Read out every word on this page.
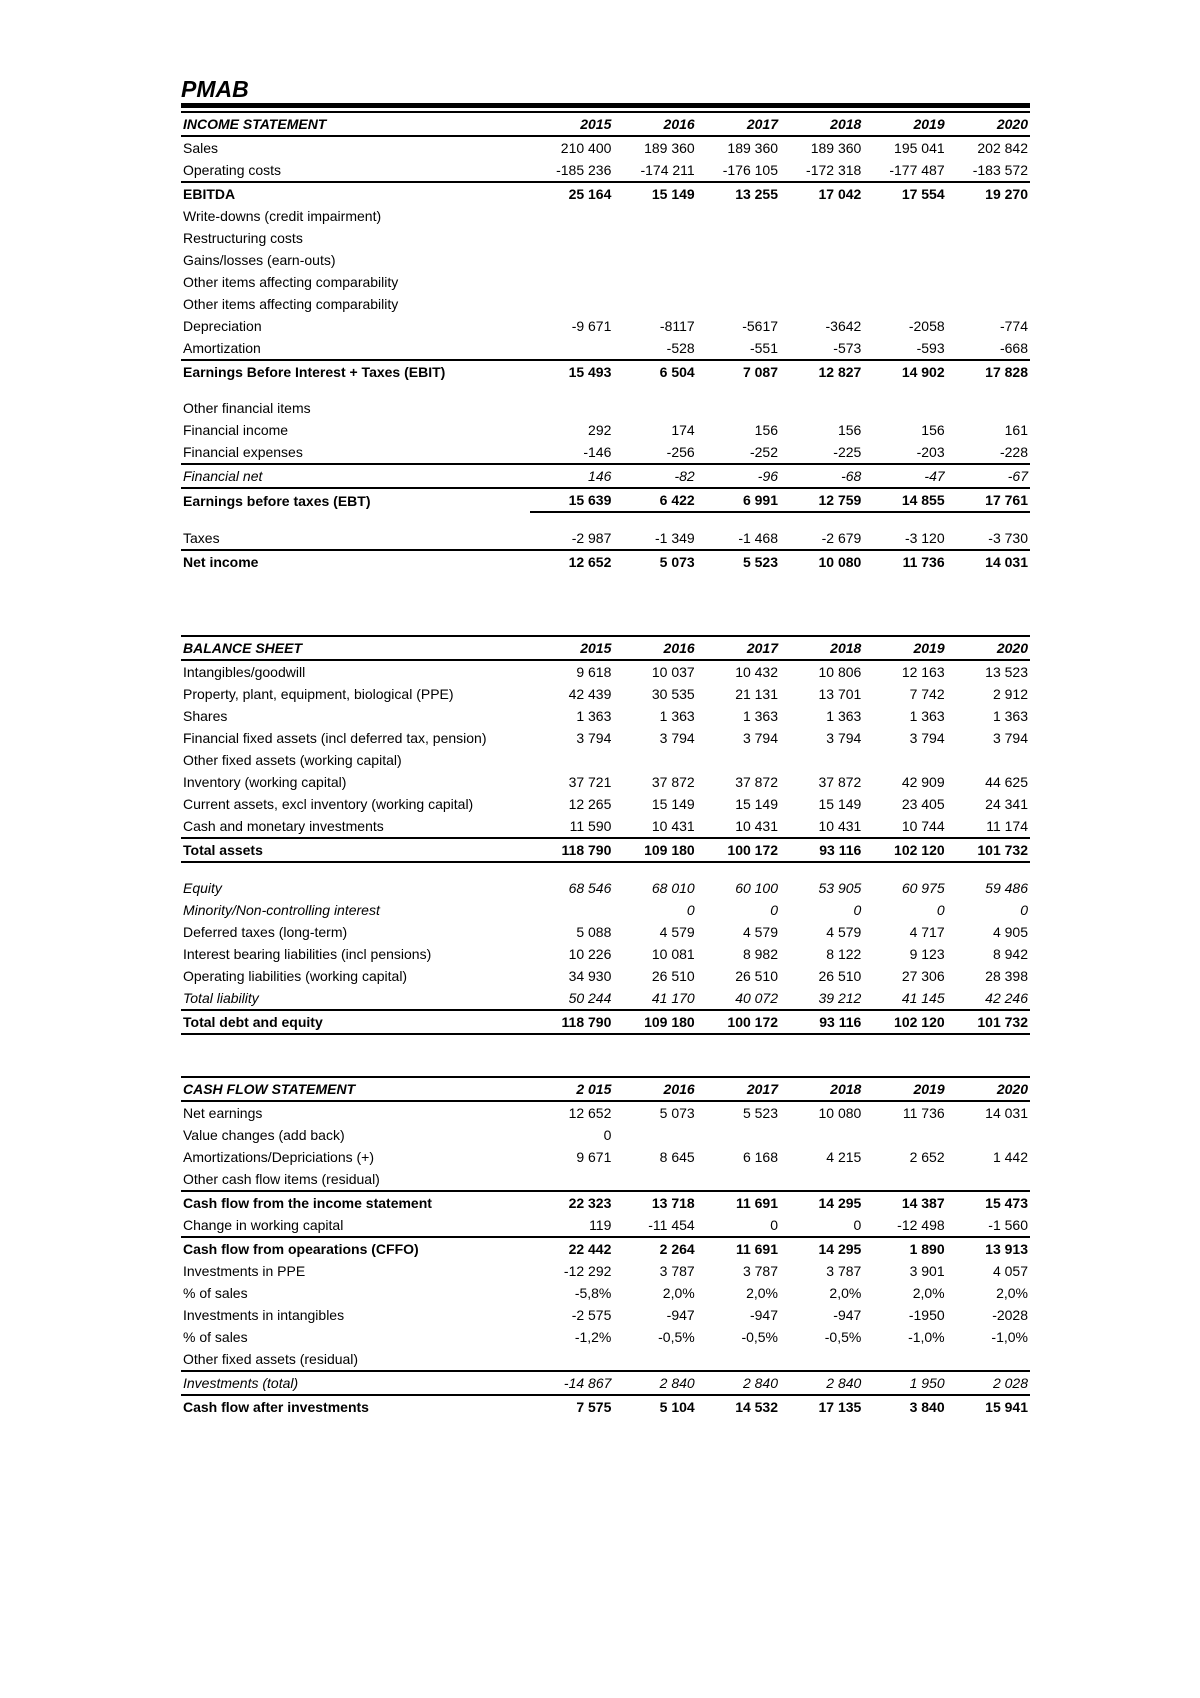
PMAB
INCOME STATEMENT	2015	2016	2017	2018	2019	2020
Sales	210 400	189 360	189 360	189 360	195 041	202 842
Operating costs	-185 236	-174 211	-176 105	-172 318	-177 487	-183 572
EBITDA	25 164	15 149	13 255	17 042	17 554	19 270
Write-downs (credit impairment)						
Restructuring costs						
Gains/losses (earn-outs)						
Other items affecting comparability						
Other items affecting comparability						
Depreciation	-9 671	-8117	-5617	-3642	-2058	-774
Amortization		-528	-551	-573	-593	-668
Earnings Before Interest + Taxes (EBIT)	15 493	6 504	7 087	12 827	14 902	17 828

Other financial items						
Financial income	292	174	156	156	156	161
Financial expenses	-146	-256	-252	-225	-203	-228
Financial net	146	-82	-96	-68	-47	-67
Earnings before taxes (EBT)	15 639	6 422	6 991	12 759	14 855	17 761

Taxes	-2 987	-1 349	-1 468	-2 679	-3 120	-3 730
Net income	12 652	5 073	5 523	10 080	11 736	14 031
BALANCE SHEET	2015	2016	2017	2018	2019	2020
Intangibles/goodwill	9 618	10 037	10 432	10 806	12 163	13 523
Property, plant, equipment, biological (PPE)	42 439	30 535	21 131	13 701	7 742	2 912
Shares	1 363	1 363	1 363	1 363	1 363	1 363
Financial fixed assets (incl deferred tax, pension)	3 794	3 794	3 794	3 794	3 794	3 794
Other fixed assets (working capital)						
Inventory (working capital)	37 721	37 872	37 872	37 872	42 909	44 625
Current assets, excl inventory (working capital)	12 265	15 149	15 149	15 149	23 405	24 341
Cash and monetary investments	11 590	10 431	10 431	10 431	10 744	11 174
Total assets	118 790	109 180	100 172	93 116	102 120	101 732

Equity	68 546	68 010	60 100	53 905	60 975	59 486
Minority/Non-controlling interest		0	0	0	0	0
Deferred taxes (long-term)	5 088	4 579	4 579	4 579	4 717	4 905
Interest bearing liabilities (incl pensions)	10 226	10 081	8 982	8 122	9 123	8 942
Operating liabilities (working capital)	34 930	26 510	26 510	26 510	27 306	28 398
Total liability	50 244	41 170	40 072	39 212	41 145	42 246
Total debt and equity	118 790	109 180	100 172	93 116	102 120	101 732
CASH FLOW STATEMENT	2 015	2016	2017	2018	2019	2020
Net earnings	12 652	5 073	5 523	10 080	11 736	14 031
Value changes (add back)	0					
Amortizations/Depriciations (+)	9 671	8 645	6 168	4 215	2 652	1 442
Other cash flow items (residual)						
Cash flow from the income statement	22 323	13 718	11 691	14 295	14 387	15 473
Change in working capital	119	-11 454	0	0	-12 498	-1 560
Cash flow from opearations (CFFO)	22 442	2 264	11 691	14 295	1 890	13 913
Investments in PPE	-12 292	3 787	3 787	3 787	3 901	4 057
% of sales	-5,8%	2,0%	2,0%	2,0%	2,0%	2,0%
Investments in intangibles	-2 575	-947	-947	-947	-1950	-2028
% of sales	-1,2%	-0,5%	-0,5%	-0,5%	-1,0%	-1,0%
Other fixed assets (residual)						
Investments (total)	-14 867	2 840	2 840	2 840	1 950	2 028
Cash flow after investments	7 575	5 104	14 532	17 135	3 840	15 941
